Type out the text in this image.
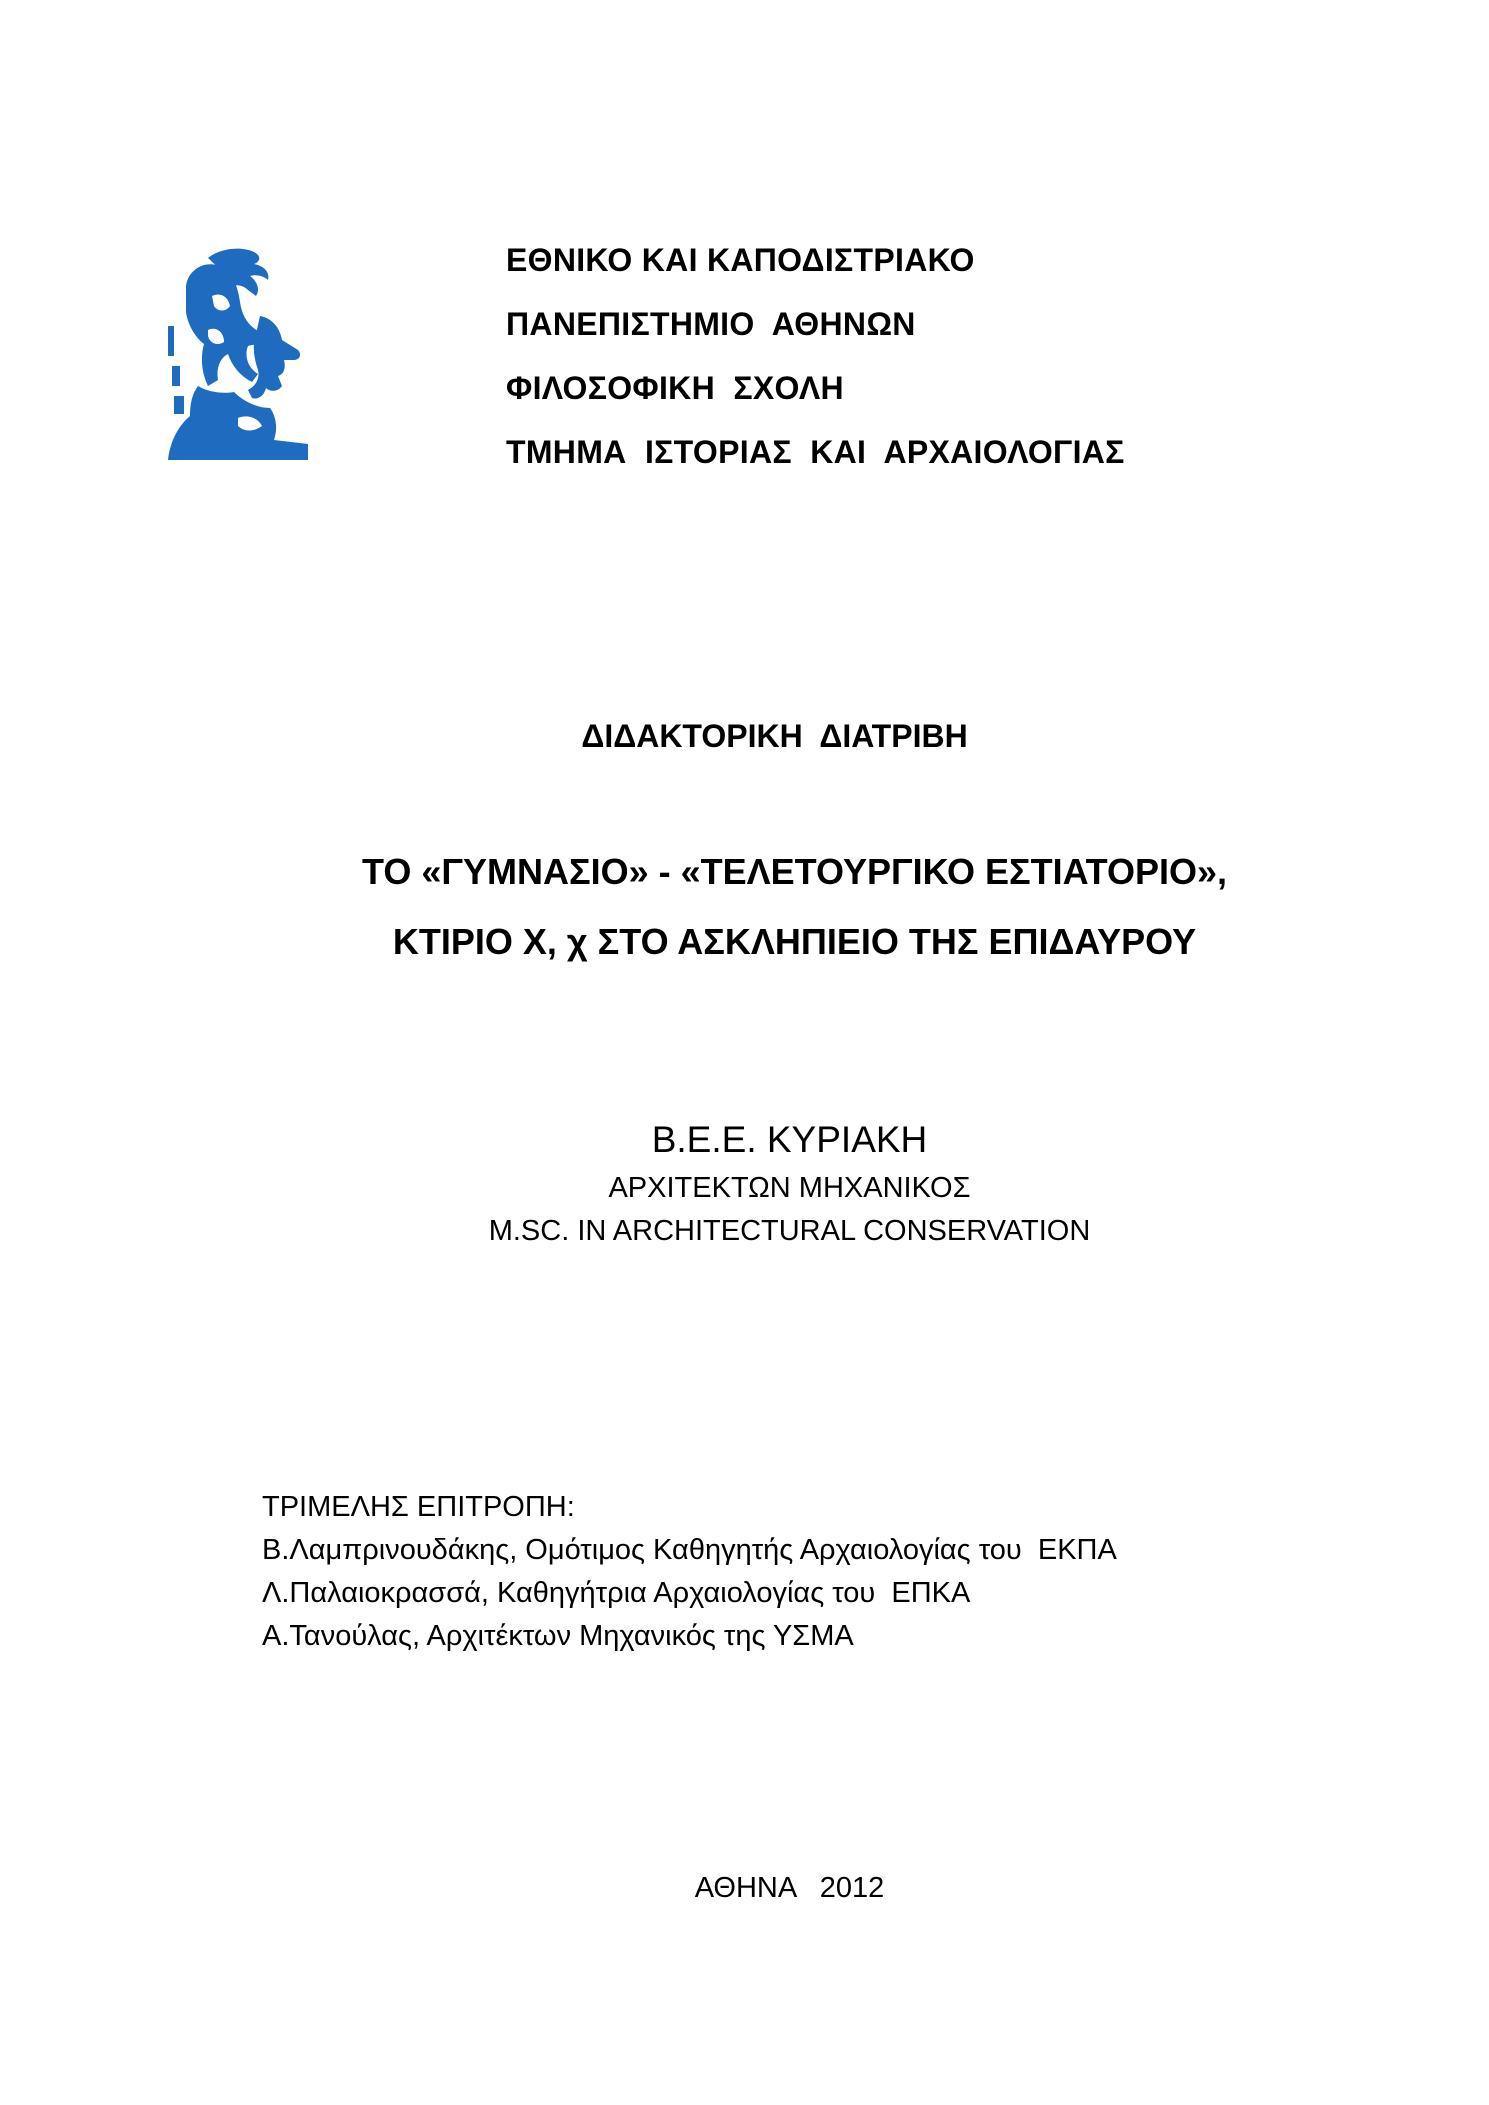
ΕΘΝΙΚΟ ΚΑΙ ΚΑΠΟΔΙΣΤΡΙΑΚΟ
ΠΑΝΕΠΙΣΤΗΜΙΟ  ΑΘΗΝΩΝ
ΦΙΛΟΣΟΦΙΚΗ  ΣΧΟΛΗ
ΤΜΗΜΑ  ΙΣΤΟΡΙΑΣ  ΚΑΙ  ΑΡΧΑΙΟΛΟΓΙΑΣ
ΔΙΔΑΚΤΟΡΙΚΗ  ΔΙΑΤΡΙΒΗ
ΤΟ «ΓΥΜΝΑΣΙΟ» - «ΤΕΛΕΤΟΥΡΓΙΚΟ ΕΣΤΙΑΤΟΡΙΟ»,
ΚΤΙΡΙΟ Χ, χ ΣΤΟ ΑΣΚΛΗΠΙΕΙΟ ΤΗΣ ΕΠΙΔΑΥΡΟΥ
Β.Ε.Ε. ΚΥΡΙΑΚΗ
ΑΡΧΙΤΕΚΤΩΝ ΜΗΧΑΝΙΚΟΣ
M.SC. IN ARCHITECTURAL CONSERVATION
ΤΡΙΜΕΛΗΣ ΕΠΙΤΡΟΠΗ:
Β.Λαμπρινουδάκης, Ομότιμος Καθηγητής Αρχαιολογίας του  ΕΚΠΑ
Λ.Παλαιοκρασσά, Καθηγήτρια Αρχαιολογίας του  ΕΠΚΑ
Α.Τανούλας, Αρχιτέκτων Μηχανικός της ΥΣΜΑ
ΑΘΗΝΑ   2012
